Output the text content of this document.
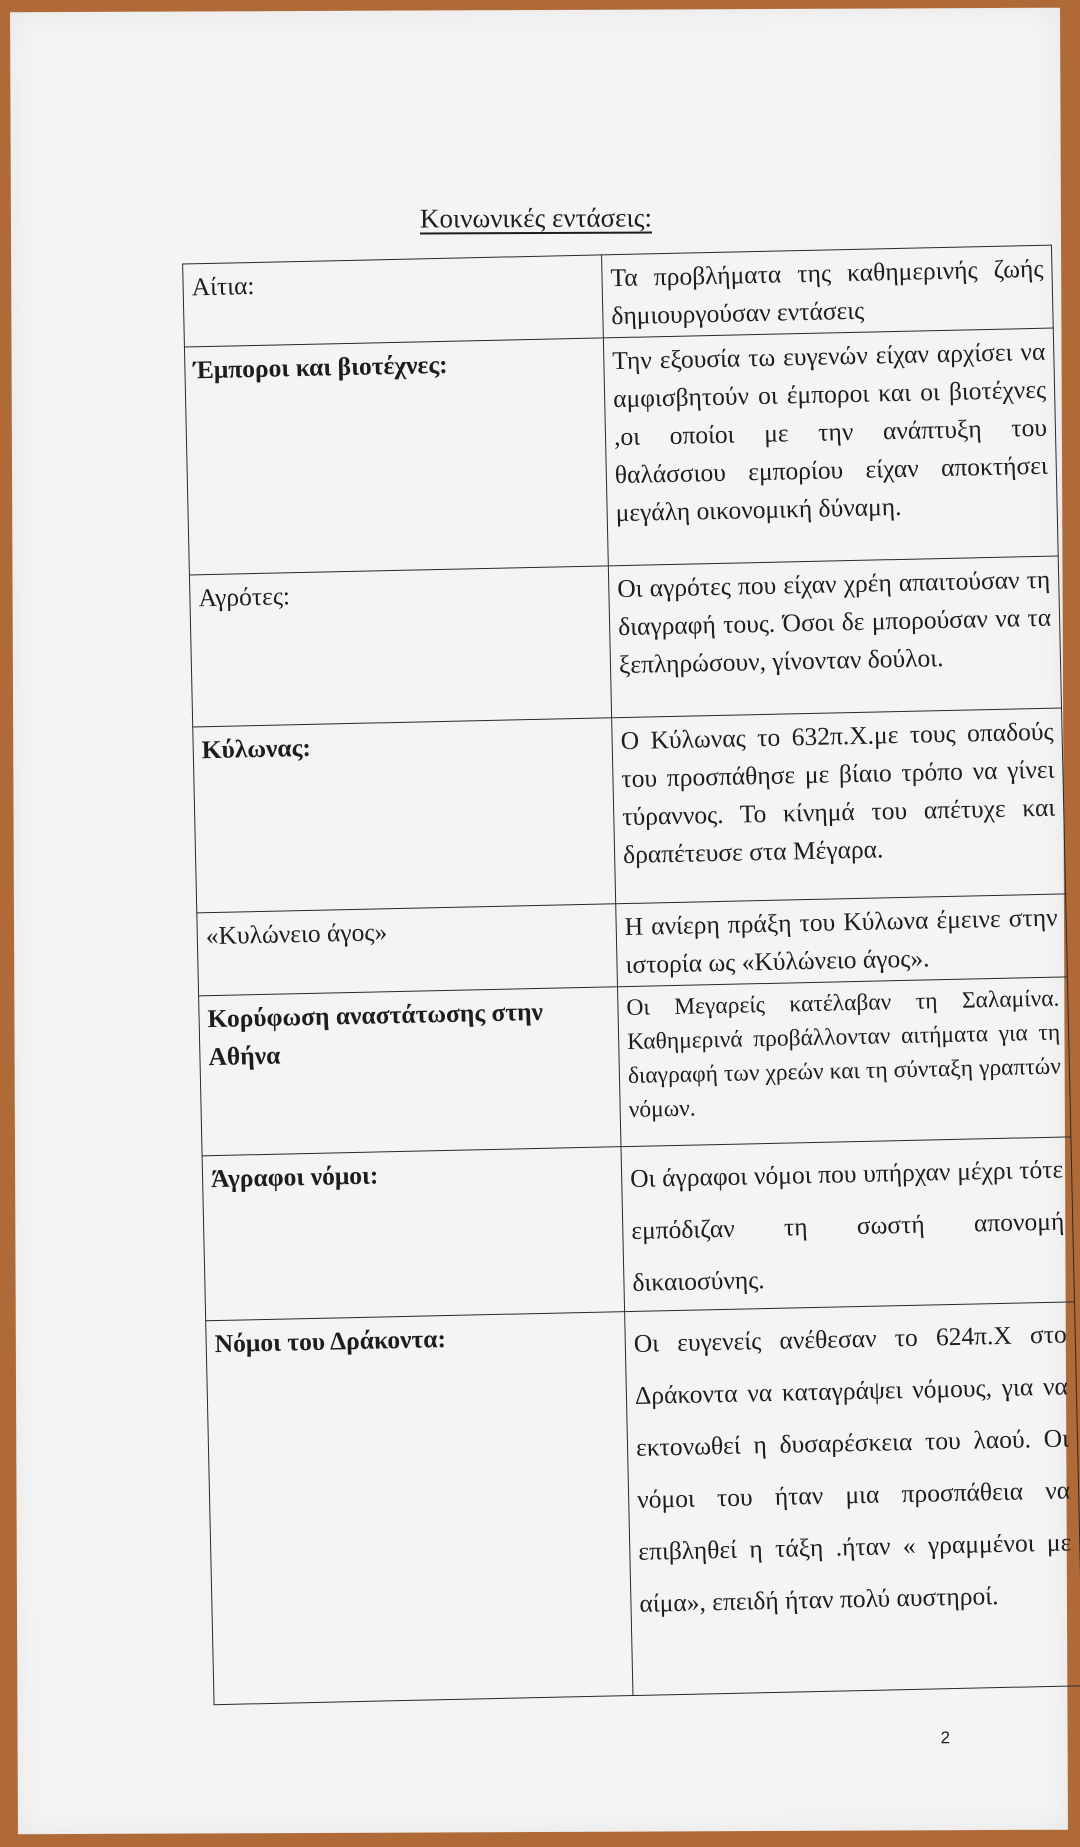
Κοινωνικές εντάσεις:
Αίτια:	Τα προβλήματα της καθημερινής ζωής δημιουργούσαν εντάσεις
Έμποροι και βιοτέχνες:	Την εξουσία τω ευγενών είχαν αρχίσει να αμφισβητούν οι έμποροι και οι βιοτέχνες ,οι οποίοι με την ανάπτυξη του θαλάσσιου εμπορίου είχαν αποκτήσει μεγάλη οικονομική δύναμη.
Αγρότες:	Οι αγρότες που είχαν χρέη απαιτούσαν τη διαγραφή τους. Όσοι δε μπορούσαν να τα ξεπληρώσουν, γίνονταν δούλοι.
Κύλωνας:	Ο Κύλωνας το 632π.Χ.με τους οπαδούς του προσπάθησε με βίαιο τρόπο να γίνει τύραννος. Το κίνημά του απέτυχε και δραπέτευσε στα Μέγαρα.
«Κυλώνειο άγος»	Η ανίερη πράξη του Κύλωνα έμεινε στην ιστορία ως «Κύλώνειο άγος».
Κορύφωση αναστάτωσης στην Αθήνα	Οι Μεγαρείς κατέλαβαν τη Σαλαμίνα. Καθημερινά προβάλλονταν αιτήματα για τη διαγραφή των χρεών και τη σύνταξη γραπτών νόμων.
Άγραφοι νόμοι:	Οι άγραφοι νόμοι που υπήρχαν μέχρι τότε εμπόδιζαν τη σωστή απονομή δικαιοσύνης.
Νόμοι του Δράκοντα:	Οι ευγενείς ανέθεσαν το 624π.Χ στο Δράκοντα να καταγράψει νόμους, για να εκτονωθεί η δυσαρέσκεια του λαού. Οι νόμοι του ήταν μια προσπάθεια να επιβληθεί η τάξη .ήταν « γραμμένοι με αίμα», επειδή ήταν πολύ αυστηροί.
2
